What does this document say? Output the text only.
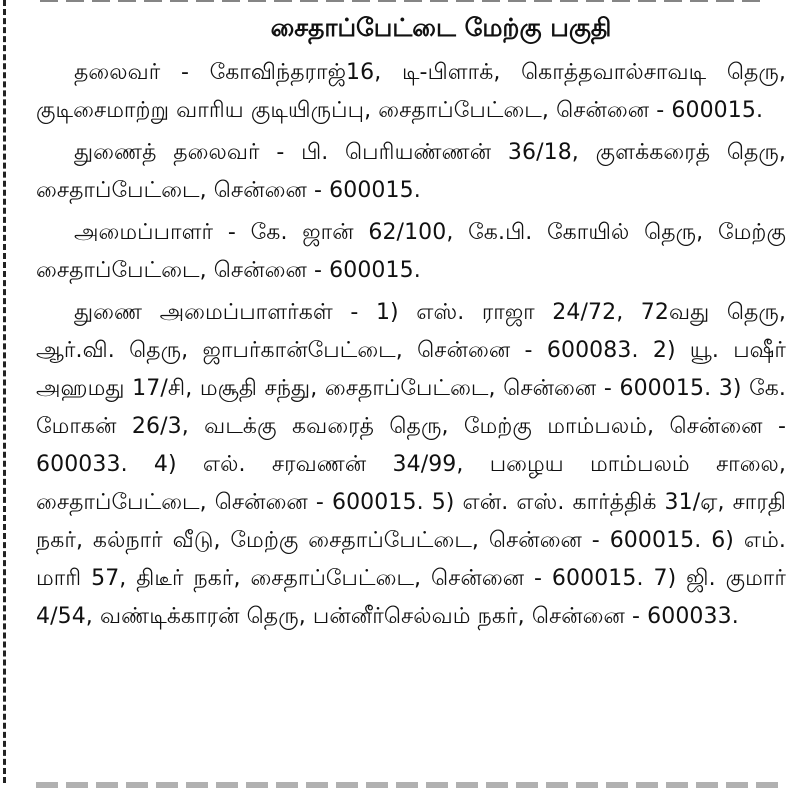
சைதாப்பேட்டை மேற்கு பகுதி

தலைவர் - கோவிந்தராஜ்16, டி-பிளாக், கொத்தவால்சாவடி தெரு, குடிசைமாற்று வாரிய குடியிருப்பு, சைதாப்பேட்டை, சென்னை - 600015.

துணைத் தலைவர் - பி. பெரியண்ணன் 36/18, குளக்கரைத் தெரு, சைதாப்பேட்டை, சென்னை - 600015.

அமைப்பாளர் - கே. ஜான் 62/100, கே.பி. கோயில் தெரு, மேற்கு சைதாப்பேட்டை, சென்னை - 600015.

துணை அமைப்பாளர்கள் - 1) எஸ். ராஜா 24/72, 72வது தெரு, ஆர்.வி. தெரு, ஜாபர்கான்பேட்டை, சென்னை - 600083. 2) யூ. பஷீர் அஹமது 17/சி, மசூதி சந்து, சைதாப்பேட்டை, சென்னை - 600015. 3) கே. மோகன் 26/3, வடக்கு கவரைத் தெரு, மேற்கு மாம்பலம், சென்னை - 600033. 4) எல். சரவணன் 34/99, பழைய மாம்பலம் சாலை, சைதாப்பேட்டை, சென்னை - 600015. 5) என். எஸ். கார்த்திக் 31/ஏ, சாரதி நகர், கல்நார் வீடு, மேற்கு சைதாப்பேட்டை, சென்னை - 600015. 6) எம். மாரி 57, திடீர் நகர், சைதாப்பேட்டை, சென்னை - 600015. 7) ஜி. குமார் 4/54, வண்டிக்காரன் தெரு, பன்னீர்செல்வம் நகர், சென்னை - 600033.
